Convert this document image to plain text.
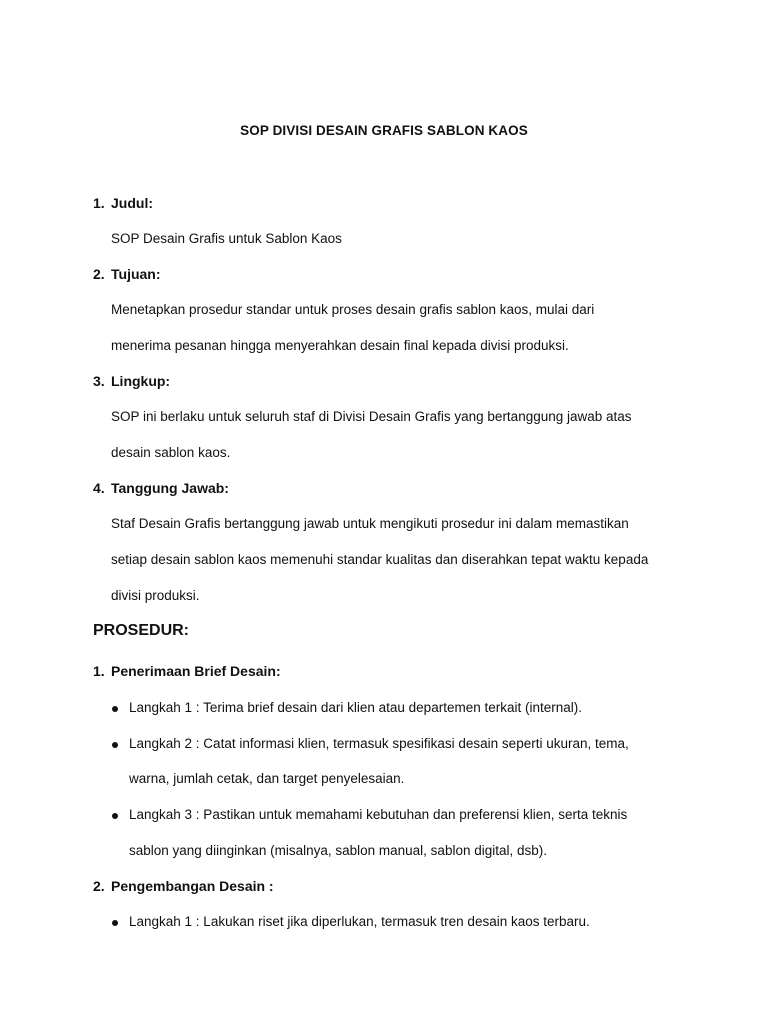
SOP DIVISI DESAIN GRAFIS SABLON KAOS
1. Judul:
SOP Desain Grafis untuk Sablon Kaos
2. Tujuan:
Menetapkan prosedur standar untuk proses desain grafis sablon kaos, mulai dari
menerima pesanan hingga menyerahkan desain final kepada divisi produksi.
3. Lingkup:
SOP ini berlaku untuk seluruh staf di Divisi Desain Grafis yang bertanggung jawab atas
desain sablon kaos.
4. Tanggung Jawab:
Staf Desain Grafis bertanggung jawab untuk mengikuti prosedur ini dalam memastikan
setiap desain sablon kaos memenuhi standar kualitas dan diserahkan tepat waktu kepada
divisi produksi.
PROSEDUR:
1. Penerimaan Brief Desain:
Langkah 1 : Terima brief desain dari klien atau departemen terkait (internal).
Langkah 2 : Catat informasi klien, termasuk spesifikasi desain seperti ukuran, tema,
warna, jumlah cetak, dan target penyelesaian.
Langkah 3 : Pastikan untuk memahami kebutuhan dan preferensi klien, serta teknis
sablon yang diinginkan (misalnya, sablon manual, sablon digital, dsb).
2. Pengembangan Desain :
Langkah 1 : Lakukan riset jika diperlukan, termasuk tren desain kaos terbaru.
